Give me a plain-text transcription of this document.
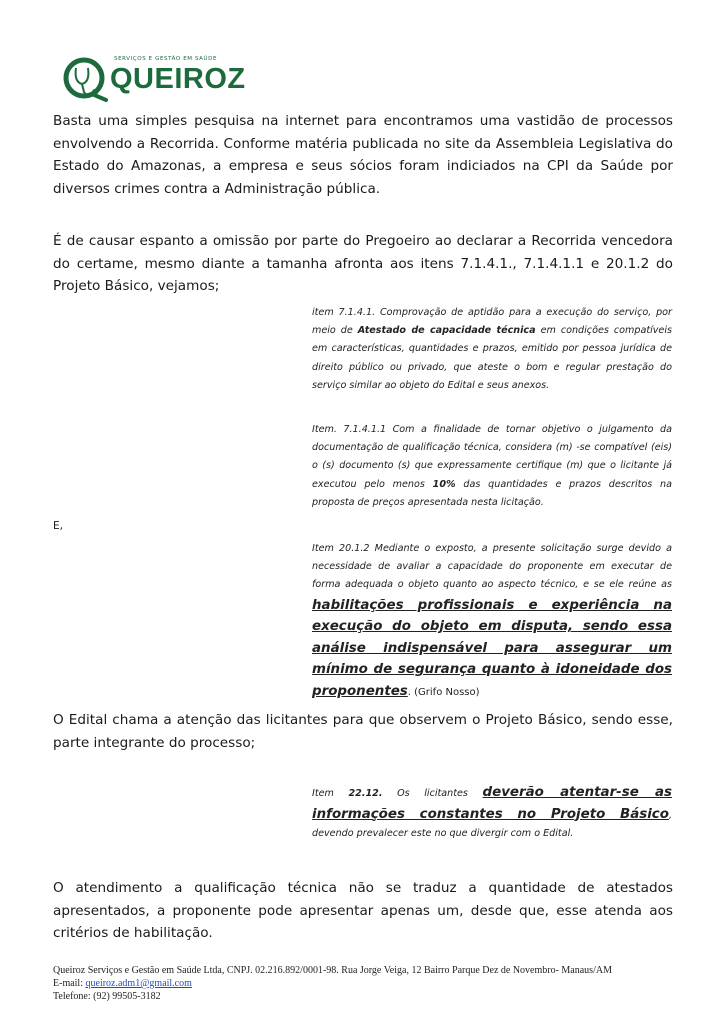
SERVIÇOS E GESTÃO EM SAÚDE
QUEIROZ
Basta uma simples pesquisa na internet para encontramos uma vastidão de processos envolvendo a Recorrida. Conforme matéria publicada no site da Assembleia Legislativa do Estado do Amazonas, a empresa e seus sócios foram indiciados na CPI da Saúde por diversos crimes contra a Administração pública.
É de causar espanto a omissão por parte do Pregoeiro ao declarar a Recorrida vencedora do certame, mesmo diante a tamanha afronta aos itens 7.1.4.1., 7.1.4.1.1 e 20.1.2 do Projeto Básico, vejamos;
item 7.1.4.1. Comprovação de aptidão para a execução do serviço, por meio de Atestado de capacidade técnica em condições compatíveis em características, quantidades e prazos, emitido por pessoa jurídica de direito público ou privado, que ateste o bom e regular prestação do serviço similar ao objeto do Edital e seus anexos.
Item. 7.1.4.1.1 Com a finalidade de tornar objetivo o julgamento da documentação de qualificação técnica, considera (m) -se compatível (eis) o (s) documento (s) que expressamente certifique (m) que o licitante já executou pelo menos 10% das quantidades e prazos descritos na proposta de preços apresentada nesta licitação.
E,
Item 20.1.2 Mediante o exposto, a presente solicitação surge devido a necessidade de avaliar a capacidade do proponente em executar de forma adequada o objeto quanto ao aspecto técnico, e se ele reúne as habilitações profissionais e experiência na execução do objeto em disputa, sendo essa análise indispensável para assegurar um mínimo de segurança quanto à idoneidade dos proponentes. (Grifo Nosso)
O Edital chama a atenção das licitantes para que observem o Projeto Básico, sendo esse, parte integrante do processo;
Item 22.12. Os licitantes deverão atentar-se as informações constantes no Projeto Básico, devendo prevalecer este no que divergir com o Edital.
O atendimento a qualificação técnica não se traduz a quantidade de atestados apresentados, a proponente pode apresentar apenas um, desde que, esse atenda aos critérios de habilitação.
Queiroz Serviços e Gestão em Saúde Ltda, CNPJ. 02.216.892/0001-98. Rua Jorge Veiga, 12 Bairro Parque Dez de Novembro- Manaus/AM
E-mail: queiroz.adm1@gmail.com
Telefone: (92) 99505-3182
